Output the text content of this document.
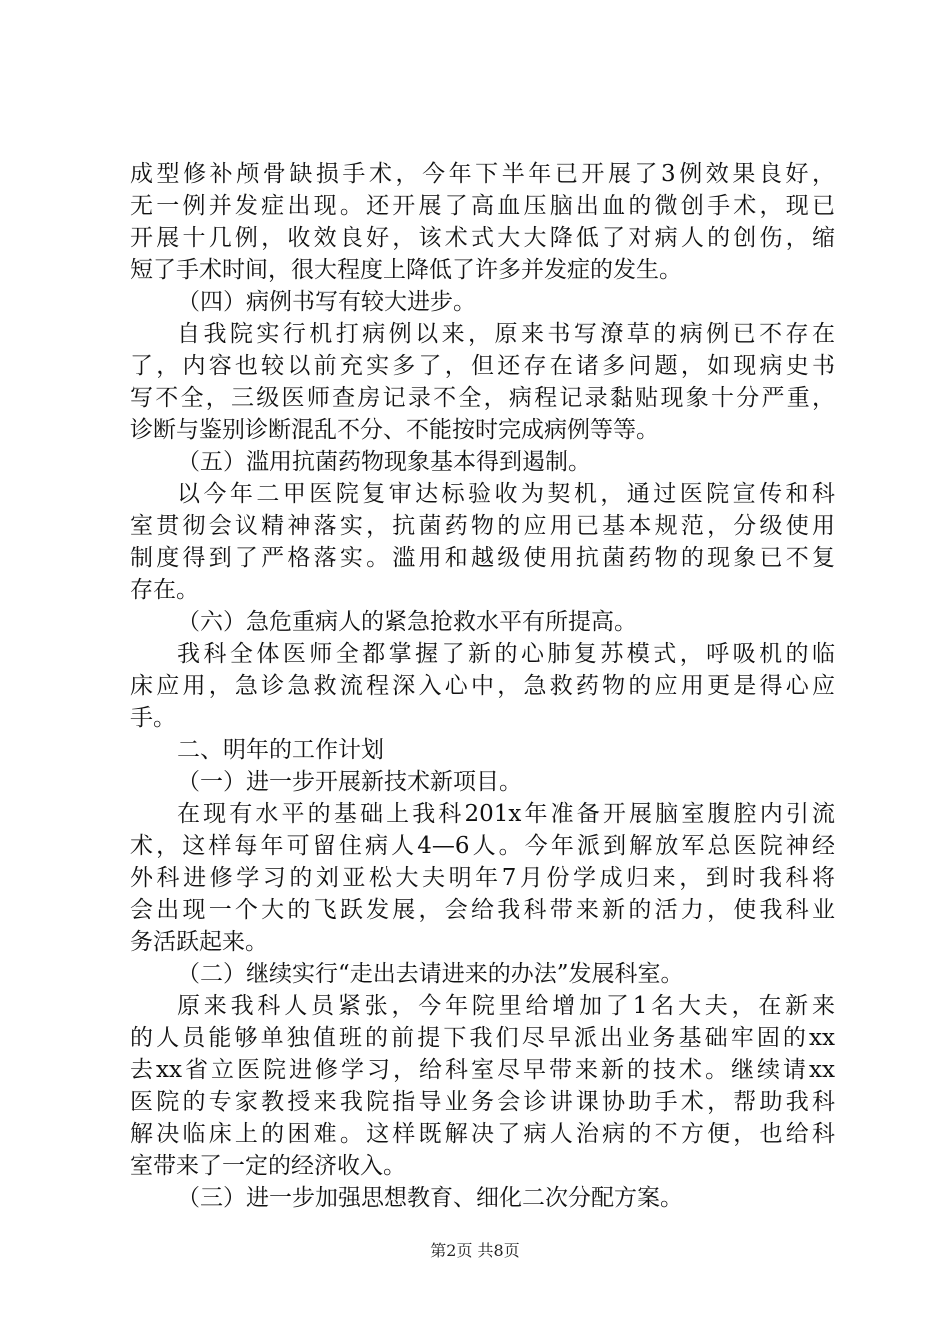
成型修补颅骨缺损手术，今年下半年已开展了3例效果良好，
无一例并发症出现。还开展了高血压脑出血的微创手术，现已
开展十几例，收效良好，该术式大大降低了对病人的创伤，缩
短了手术时间，很大程度上降低了许多并发症的发生。
（四）病例书写有较大进步。
自我院实行机打病例以来，原来书写潦草的病例已不存在
了，内容也较以前充实多了，但还存在诸多问题，如现病史书
写不全，三级医师查房记录不全，病程记录黏贴现象十分严重，
诊断与鉴别诊断混乱不分、不能按时完成病例等等。
（五）滥用抗菌药物现象基本得到遏制。
以今年二甲医院复审达标验收为契机，通过医院宣传和科
室贯彻会议精神落实，抗菌药物的应用已基本规范，分级使用
制度得到了严格落实。滥用和越级使用抗菌药物的现象已不复
存在。
（六）急危重病人的紧急抢救水平有所提高。
我科全体医师全都掌握了新的心肺复苏模式，呼吸机的临
床应用，急诊急救流程深入心中，急救药物的应用更是得心应
手。
二、明年的工作计划
（一）进一步开展新技术新项目。
在现有水平的基础上我科201x年准备开展脑室腹腔内引流
术，这样每年可留住病人4—6人。今年派到解放军总医院神经
外科进修学习的刘亚松大夫明年7月份学成归来，到时我科将
会出现一个大的飞跃发展，会给我科带来新的活力，使我科业
务活跃起来。
（二）继续实行“走出去请进来的办法”发展科室。
原来我科人员紧张，今年院里给增加了1名大夫，在新来
的人员能够单独值班的前提下我们尽早派出业务基础牢固的xx
去xx省立医院进修学习，给科室尽早带来新的技术。继续请xx
医院的专家教授来我院指导业务会诊讲课协助手术，帮助我科
解决临床上的困难。这样既解决了病人治病的不方便，也给科
室带来了一定的经济收入。
（三）进一步加强思想教育、细化二次分配方案。
第2页 共8页
